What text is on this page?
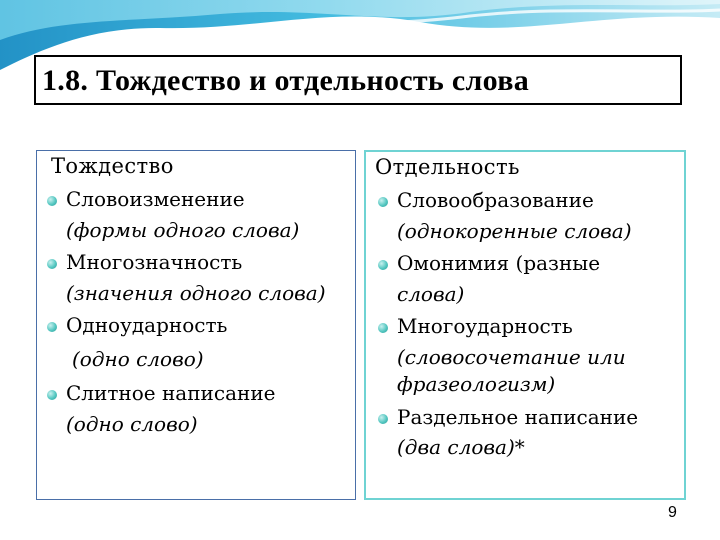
1.8. Тождество и отдельность слова
Тождество
Словоизменение
(формы одного слова)
Многозначность
(значения одного слова)
Одноударность
(одно слово)
Слитное написание
(одно слово)
Отдельность
Словообразование
(однокоренные слова)
Омонимия (разные
слова)
Многоударность
(словосочетание или
фразеологизм)
Раздельное написание
(два слова)*
9
